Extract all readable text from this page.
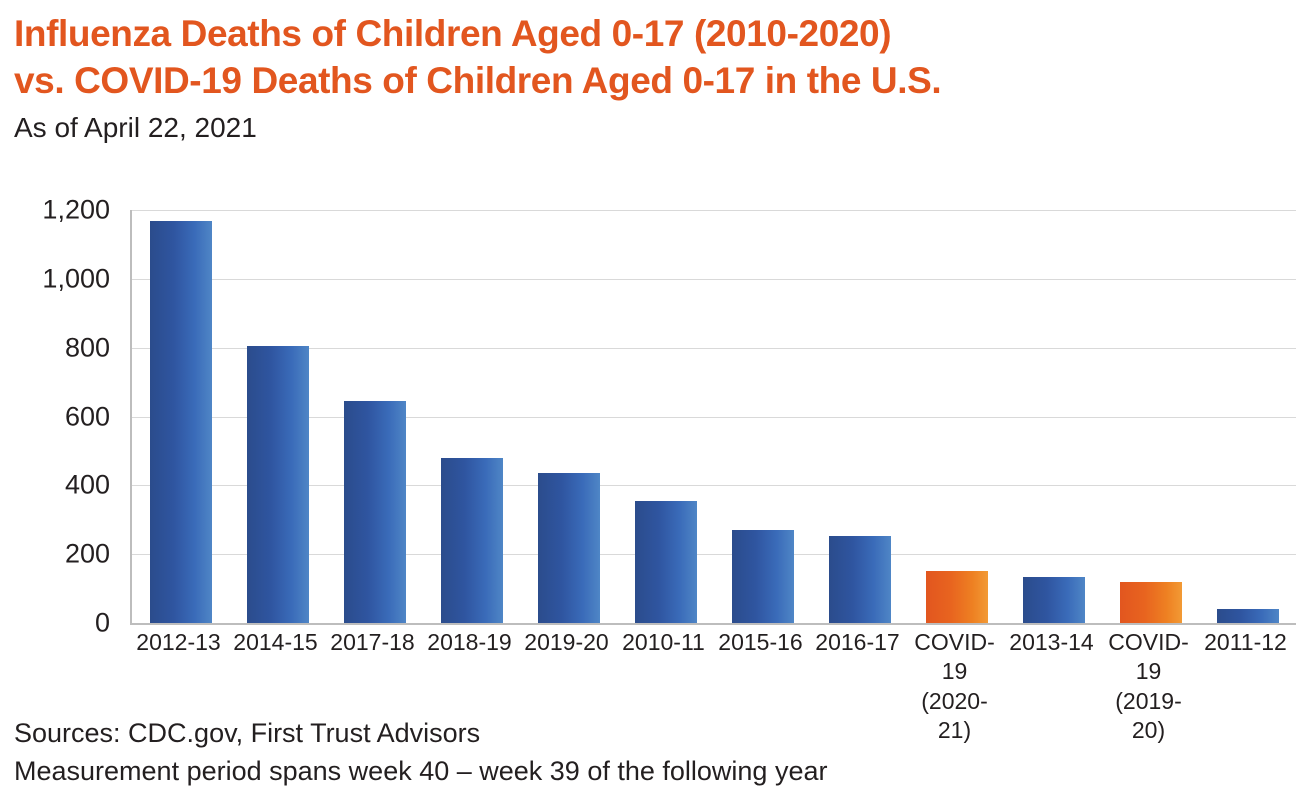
Influenza Deaths of Children Aged 0-17 (2010-2020)
vs. COVID-19 Deaths of Children Aged 0-17 in the U.S.
As of April 22, 2021
0
200
400
600
800
1,000
1,200
2012-13 2014-15 2017-18 2018-19 2019-20 2010-11 2015-16 2016-17 COVID-19
(2020-21)
2013-14 COVID-19
(2019-20)
2011-12
Sources: CDC.gov, First Trust Advisors
Measurement period spans week 40 – week 39 of the following year
